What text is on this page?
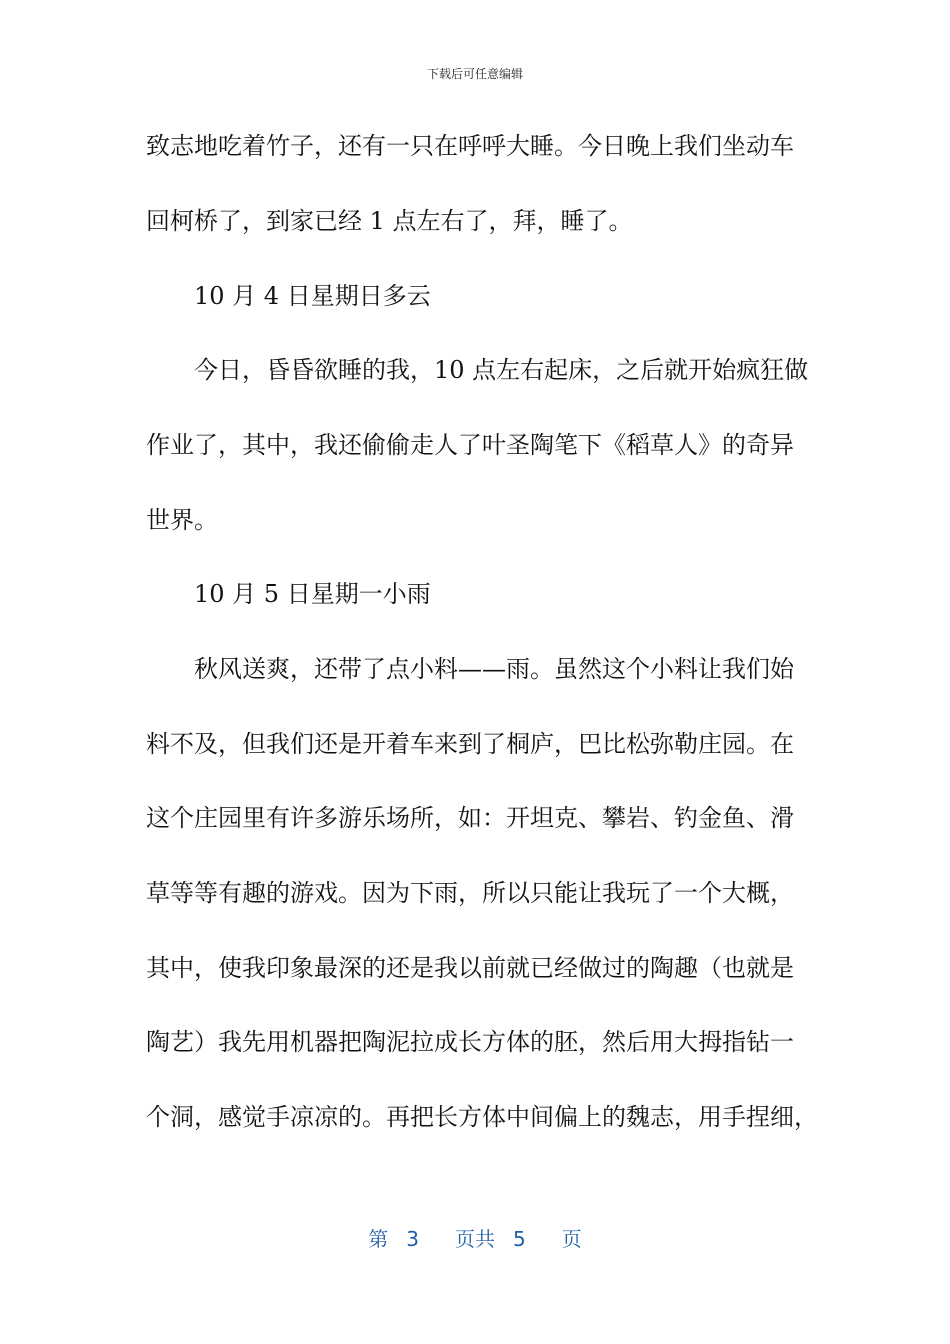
下载后可任意编辑
致志地吃着竹子，还有一只在呼呼大睡。今日晚上我们坐动车
回柯桥了，到家已经 1 点左右了，拜，睡了。
10 月 4 日星期日多云
今日，昏昏欲睡的我，10 点左右起床，之后就开始疯狂做
作业了，其中，我还偷偷走人了叶圣陶笔下《稻草人》的奇异
世界。
10 月 5 日星期一小雨
秋风送爽，还带了点小料——雨。虽然这个小料让我们始
料不及，但我们还是开着车来到了桐庐，巴比松弥勒庄园。在
这个庄园里有许多游乐场所，如：开坦克、攀岩、钓金鱼、滑
草等等有趣的游戏。因为下雨，所以只能让我玩了一个大概，
其中，使我印象最深的还是我以前就已经做过的陶趣（也就是
陶艺）我先用机器把陶泥拉成长方体的胚，然后用大拇指钻一
个洞，感觉手凉凉的。再把长方体中间偏上的魏志，用手捏细，
第 3 页共 5 页
